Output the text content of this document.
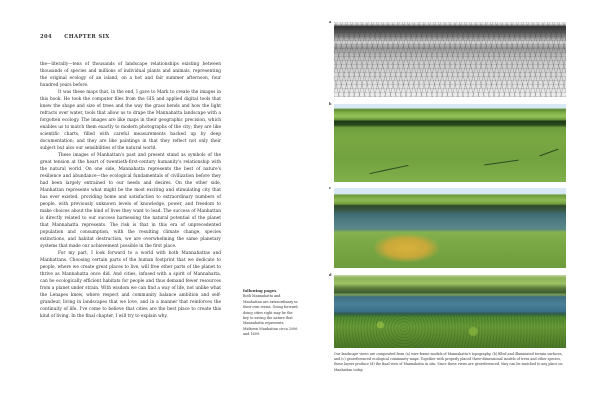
204 CHAPTER SIX

the—literally—tens of thousands of landscape relationships existing between thousands of species and millions of individual plants and animals, representing the original ecology of an island, on a hot and fair summer afternoon, four hundred years before.

It was these maps that, in the end, I gave to Mark to create the images in this book. He took the computer files from the GIS and applied digital tools that knew the shape and size of trees and the way the grass bends and how the light refracts over water, tools that allow us to drape the Mannahatta landscape with a forgotten ecology. The images are like maps in their geographic precision, which enables us to match them exactly to modern photographs of the city; they are like scientific charts, filled with careful measurements backed up by deep documentation; and they are like paintings in that they reflect not only their subject but also our sensibilities of the natural world.

These images of Manhattan's past and present stand as symbols of the great tension at the heart of twentieth-first-century humanity's relationship with the natural world. On one side, Mannahatta represents the best of nature's resilience and abundance—the ecological fundamentals of civilization before they had been largely entrained to our needs and desires. On the other side, Manhattan represents what might be the most exciting and stimulating city that has ever existed, providing home and satisfaction to extraordinary numbers of people, with previously unknown levels of knowledge, power, and freedom to make choices about the kind of lives they want to lead. The success of Manhattan is directly related to our success harnessing the natural potential of the planet that Mannahatta represents. The risk is that in this era of unprecedented population and consumption, with the resulting climate change, species extinctions, and habitat destruction, we are overwhelming the same planetary systems that made our achievement possible in the first place.

For my part, I look forward to a world with both Mannahattas and Manhattans. Choosing certain parts of the human footprint that we dedicate to people, where we create great places to live, will free other parts of the planet to thrive as Mannahatta once did. And cities, infused with a spirit of Mannahatta, can be ecologically efficient habitats for people and thus demand fewer resources from a planet under strain. With wisdom we can find a way of life, not unlike what the Lenapes knew, where respect and community balance ambition and self-grandeur, living in landscapes that we love, and in a manner that reinforces the continuity of life. I've come to believe that cities are the best place to create this kind of living. In the final chapter, I will try to explain why.

following pages
Both Mannahatta and Manhattan are extraordinary in their own terms. Going forward, doing cities right may be the key to saving the nature that Mannahatta represents. Midtown Manhattan circa 2006 and 1609.
a
b
c
d
Our landscape views are composited from (a) wire-frame models of Mannahatta's topography, (b) filled and illuminated terrain surfaces, and (c) georeferenced ecological community maps. Together with properly placed three-dimensional models of trees and other species, these layers produce (d) the final view of Mannahatta in situ. Since these views are georeferenced, they can be matched to any place on Manhattan today.
